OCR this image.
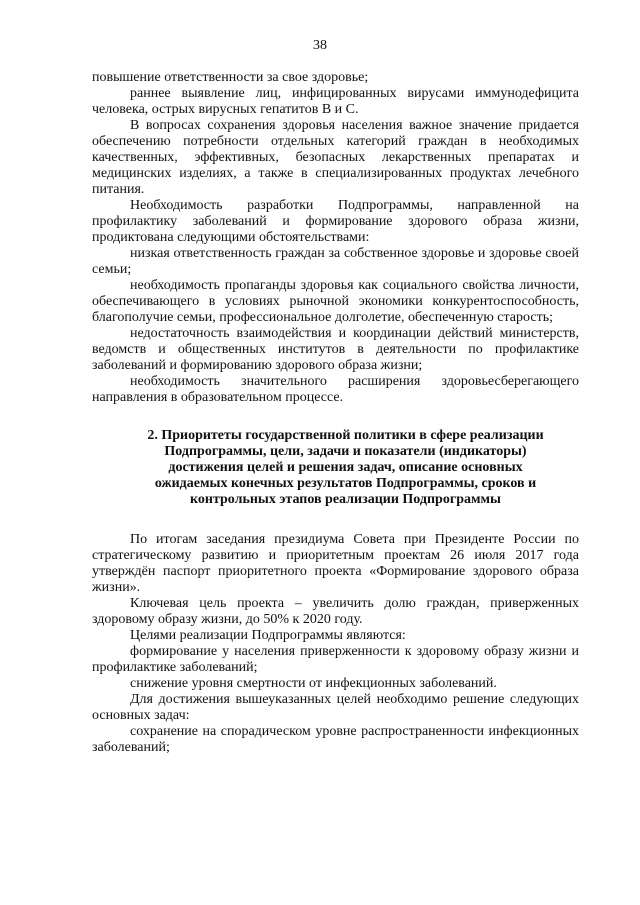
38

повышение ответственности за свое здоровье;

раннее выявление лиц, инфицированных вирусами иммунодефицита человека, острых вирусных гепатитов В и С.

В вопросах сохранения здоровья населения важное значение придается обеспечению потребности отдельных категорий граждан в необходимых качественных, эффективных, безопасных лекарственных препаратах и медицинских изделиях, а также в специализированных продуктах лечебного питания.

Необходимость разработки Подпрограммы, направленной на профилактику заболеваний и формирование здорового образа жизни, продиктована следующими обстоятельствами:

низкая ответственность граждан за собственное здоровье и здоровье своей семьи;

необходимость пропаганды здоровья как социального свойства личности, обеспечивающего в условиях рыночной экономики конкурентоспособность, благополучие семьи, профессиональное долголетие, обеспеченную старость;

недостаточность взаимодействия и координации действий министерств, ведомств и общественных институтов в деятельности по профилактике заболеваний и формированию здорового образа жизни;

необходимость значительного расширения здоровьесберегающего направления в образовательном процессе.

2. Приоритеты государственной политики в сфере реализации
Подпрограммы, цели, задачи и показатели (индикаторы)
достижения целей и решения задач, описание основных
ожидаемых конечных результатов Подпрограммы, сроков и
контрольных этапов реализации Подпрограммы

По итогам заседания президиума Совета при Президенте России по стратегическому развитию и приоритетным проектам 26 июля 2017 года утверждён паспорт приоритетного проекта «Формирование здорового образа жизни».

Ключевая цель проекта – увеличить долю граждан, приверженных здоровому образу жизни, до 50% к 2020 году.

Целями реализации Подпрограммы являются:

формирование у населения приверженности к здоровому образу жизни и профилактике заболеваний;

снижение уровня смертности от инфекционных заболеваний.

Для достижения вышеуказанных целей необходимо решение следующих основных задач:

сохранение на спорадическом уровне распространенности инфекционных заболеваний;
